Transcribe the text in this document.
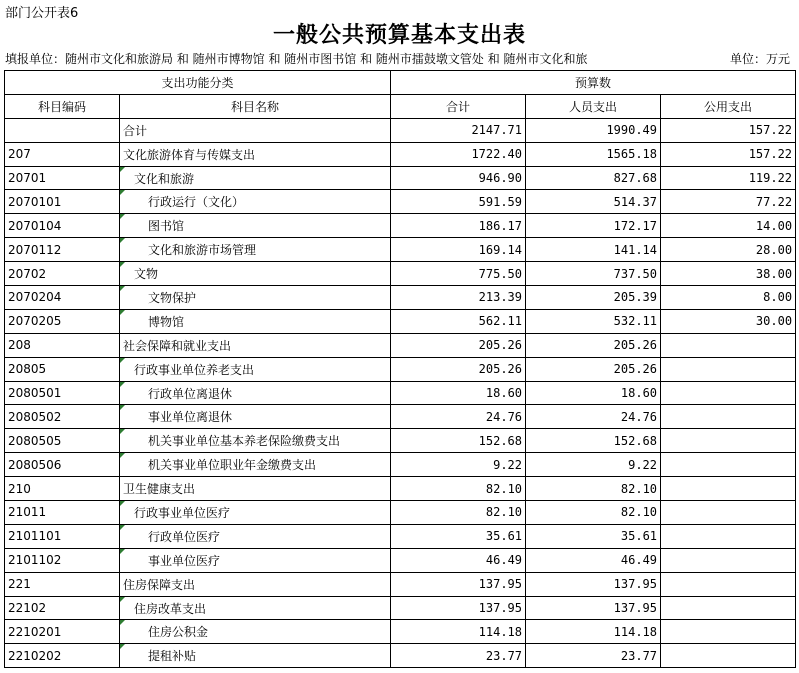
部门公开表6
一般公共预算基本支出表
填报单位：随州市文化和旅游局 和 随州市博物馆 和 随州市图书馆 和 随州市擂鼓墩文管处 和 随州市文化和旅	单位：万元
支出功能分类		预算数		
科目编码	科目名称	合计	人员支出	公用支出
	合计	2147.71	1990.49	157.22
207	文化旅游体育与传媒支出	1722.40	1565.18	157.22
20701	文化和旅游	946.90	827.68	119.22
2070101	行政运行（文化）	591.59	514.37	77.22
2070104	图书馆	186.17	172.17	14.00
2070112	文化和旅游市场管理	169.14	141.14	28.00
20702	文物	775.50	737.50	38.00
2070204	文物保护	213.39	205.39	8.00
2070205	博物馆	562.11	532.11	30.00
208	社会保障和就业支出	205.26	205.26	
20805	行政事业单位养老支出	205.26	205.26	
2080501	行政单位离退休	18.60	18.60	
2080502	事业单位离退休	24.76	24.76	
2080505	机关事业单位基本养老保险缴费支出	152.68	152.68	
2080506	机关事业单位职业年金缴费支出	9.22	9.22	
210	卫生健康支出	82.10	82.10	
21011	行政事业单位医疗	82.10	82.10	
2101101	行政单位医疗	35.61	35.61	
2101102	事业单位医疗	46.49	46.49	
221	住房保障支出	137.95	137.95	
22102	住房改革支出	137.95	137.95	
2210201	住房公积金	114.18	114.18	
2210202	提租补贴	23.77	23.77	
